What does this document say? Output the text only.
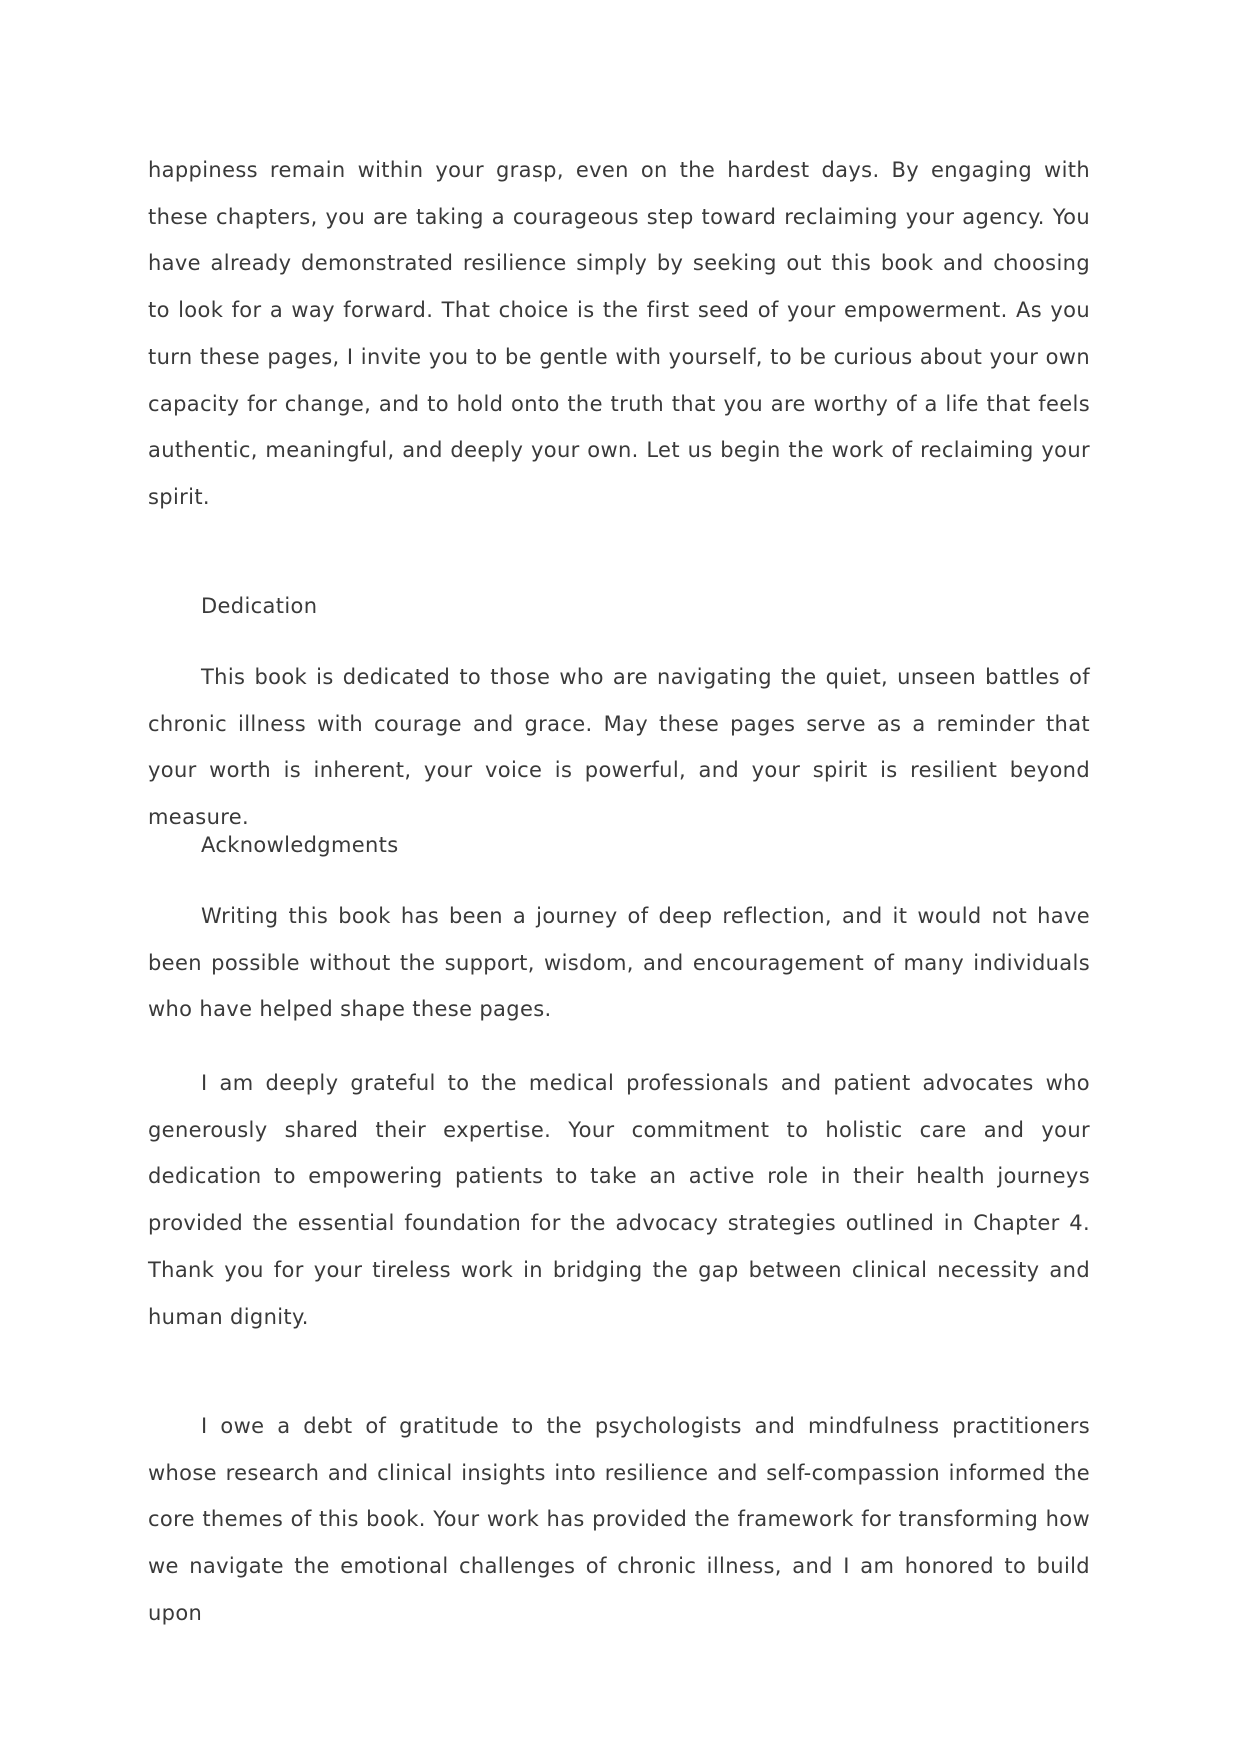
happiness remain within your grasp, even on the hardest days. By engaging with these chapters, you are taking a courageous step toward reclaiming your agency. You have already demonstrated resilience simply by seeking out this book and choosing to look for a way forward. That choice is the first seed of your empowerment. As you turn these pages, I invite you to be gentle with yourself, to be curious about your own capacity for change, and to hold onto the truth that you are worthy of a life that feels authentic, meaningful, and deeply your own. Let us begin the work of reclaiming your spirit.

Dedication

This book is dedicated to those who are navigating the quiet, unseen battles of chronic illness with courage and grace. May these pages serve as a reminder that your worth is inherent, your voice is powerful, and your spirit is resilient beyond measure.

Acknowledgments

Writing this book has been a journey of deep reflection, and it would not have been possible without the support, wisdom, and encouragement of many individuals who have helped shape these pages.

I am deeply grateful to the medical professionals and patient advocates who generously shared their expertise. Your commitment to holistic care and your dedication to empowering patients to take an active role in their health journeys provided the essential foundation for the advocacy strategies outlined in Chapter 4. Thank you for your tireless work in bridging the gap between clinical necessity and human dignity.

I owe a debt of gratitude to the psychologists and mindfulness practitioners whose research and clinical insights into resilience and self-compassion informed the core themes of this book. Your work has provided the framework for transforming how we navigate the emotional challenges of chronic illness, and I am honored to build upon
